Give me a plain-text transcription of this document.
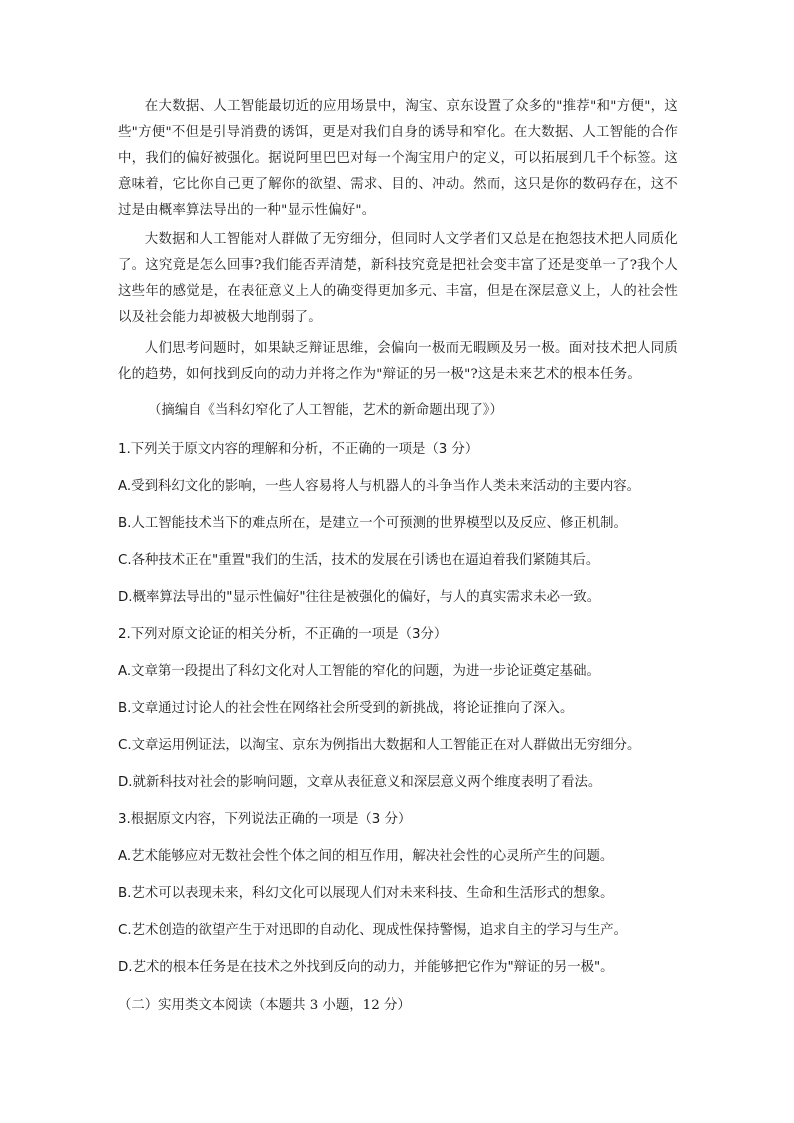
在大数据、人工智能最切近的应用场景中，淘宝、京东设置了众多的"推荐"和"方便"，这些"方便"不但是引导消费的诱饵，更是对我们自身的诱导和窄化。在大数据、人工智能的合作中，我们的偏好被强化。据说阿里巴巴对每一个淘宝用户的定义，可以拓展到几千个标签。这意味着，它比你自己更了解你的欲望、需求、目的、冲动。然而，这只是你的数码存在，这不过是由概率算法导出的一种"显示性偏好"。

大数据和人工智能对人群做了无穷细分，但同时人文学者们又总是在抱怨技术把人同质化了。这究竟是怎么回事?我们能否弄清楚，新科技究竟是把社会变丰富了还是变单一了?我个人这些年的感觉是，在表征意义上人的确变得更加多元、丰富，但是在深层意义上，人的社会性以及社会能力却被极大地削弱了。

人们思考问题时，如果缺乏辩证思维，会偏向一极而无暇顾及另一极。面对技术把人同质化的趋势，如何找到反向的动力并将之作为"辩证的另一极"?这是未来艺术的根本任务。

（摘编自《当科幻窄化了人工智能，艺术的新命题出现了》）
1.下列关于原文内容的理解和分析，不正确的一项是（3 分）
A.受到科幻文化的影响，一些人容易将人与机器人的斗争当作人类未来活动的主要内容。
B.人工智能技术当下的难点所在，是建立一个可预测的世界模型以及反应、修正机制。
C.各种技术正在"重置"我们的生活，技术的发展在引诱也在逼迫着我们紧随其后。
D.概率算法导出的"显示性偏好"往往是被强化的偏好，与人的真实需求未必一致。
2.下列对原文论证的相关分析，不正确的一项是（3分）
A.文章第一段提出了科幻文化对人工智能的窄化的问题，为进一步论证奠定基础。
B.文章通过讨论人的社会性在网络社会所受到的新挑战，将论证推向了深入。
C.文章运用例证法，以淘宝、京东为例指出大数据和人工智能正在对人群做出无穷细分。
D.就新科技对社会的影响问题，文章从表征意义和深层意义两个维度表明了看法。
3.根据原文内容，下列说法正确的一项是（3 分）
A.艺术能够应对无数社会性个体之间的相互作用，解决社会性的心灵所产生的问题。
B.艺术可以表现未来，科幻文化可以展现人们对未来科技、生命和生活形式的想象。
C.艺术创造的欲望产生于对迅即的自动化、现成性保持警惕，追求自主的学习与生产。
D.艺术的根本任务是在技术之外找到反向的动力，并能够把它作为"辩证的另一极"。
（二）实用类文本阅读（本题共 3 小题，12 分）
